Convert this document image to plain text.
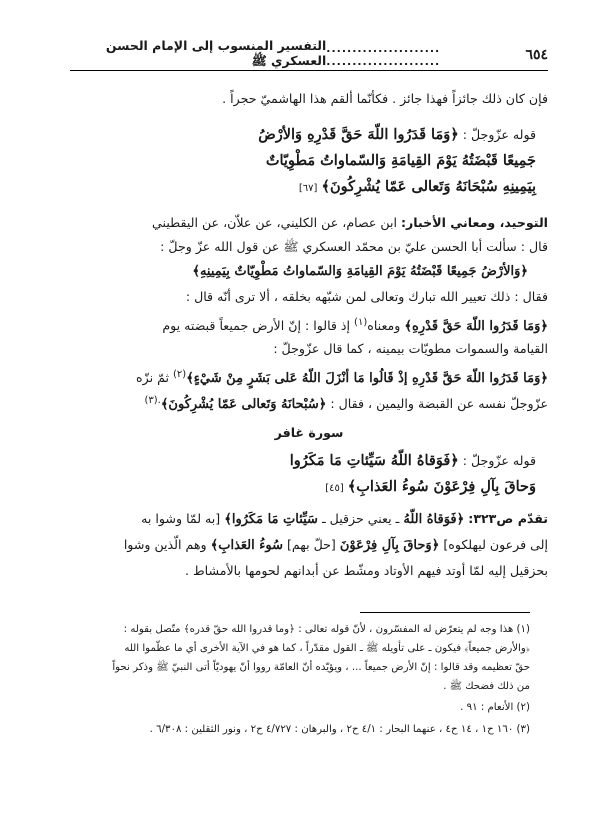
٦٥٤
...................... ......................
التفسير المنسوب إلى الإمام الحسن العسكري ﷺ
فإن كان ذلك جائزاً فهذا جائز . فكأنّما ألقم هذا الهاشميّ حجراً .
قوله عزّوجلّ : ﴿وَمَا قَدَرُوا اللّهَ حَقَّ قَدْرِهِ وَالأرْضُ
جَمِيعًا قَبْضَتُهُ يَوْمَ القِيامَةِ وَالسّماواتُ مَطْوِيّاتٌ
بِيَمِينِهِ سُبْحَانَهُ وَتَعالى عَمّا يُشْرِكُونَ﴾ [٦٧]
التوحيد، ومعاني الأخبار: ابن عصام، عن الكليني، عن علاّن، عن اليقطيني
قال : سألت أبا الحسن عليّ بن محمّد العسكري ﷺ عن قول الله عزّ وجلّ :
﴿وَالأرْضُ جَمِيعًا قَبْضَتُهُ يَوْمَ القِيامَةِ وَالسّماواتُ مَطْوِيّاتٌ بِيَمِينِهِ﴾
فقال : ذلك تعيير الله تبارك وتعالى لمن شبّهه بخلقه ، ألا ترى أنّه قال :
﴿وَمَا قَدَرُوا اللّهَ حَقَّ قَدْرِهِ﴾ ومعناه$^{(١)}$ إذ قالوا : إنّ الأرض جميعاً قبضته يوم
القيامة والسموات مطويّات بيمينه ، كما قال عزّوجلّ :
﴿وَمَا قَدَرُوا اللّهَ حَقَّ قَدْرِهِ إذْ قَالُوا مَا أنْزَلَ اللّهُ عَلى بَشَرٍ مِنْ شَيْءٍ﴾$^{(٢)}$ ثمّ نزّه
عزّوجلّ نفسه عن القبضة واليمين ، فقال : ﴿سُبْحانَهُ وَتَعالى عَمّا يُشْرِكُونَ﴾$^{.(٣)}$
سورة غافر
قوله عزّوجلّ : ﴿فَوَقاهُ اللّهُ سَيِّئاتِ مَا مَكَرُوا
وَحاقَ بِآلِ فِرْعَوْنَ سُوءُ العَذابِ﴾ [٤٥]
تقدّم ص٣٢٣: ﴿فَوَقاهُ اللّهُ ـ يعني حزقيل ـ سَيِّئاتِ مَا مَكَرُوا﴾ [به لمّا وشوا به
إلى فرعون ليهلكوه] ﴿وَحاقَ بِآلِ فِرْعَوْنَ [حلّ بهم] سُوءُ العَذابِ﴾ وهم الّذين وشوا
بحزقيل إليه لمّا أوتد فيهم الأوتاد ومشّط عن أبدانهم لحومها بالأمشاط .
(١) هذا وجه لم يتعرّض له المفسّرون ، لأنّ قوله تعالى : ﴿وما قدروا الله حقّ قدره﴾ متّصل بقوله :
﴿والأرض جميعاً﴾ فيكون ـ على تأويله ﷺ ـ القول مقدّراً ، كما هو في الآية الأخرى أي ما عظّموا الله
حقّ تعظيمه وقد قالوا : إنّ الأرض جميعاً ... ، ويؤيّده أنّ العامّة رووا أنّ يهوديّاً أتى النبيّ ﷺ وذكر نحواً
من ذلك فضحك ﷺ .
(٢) الأنعام : ٩١ .
(٣) ١٦٠ ح١ ، ١٤ ح٤ ، عنهما البحار : ٤/١ ح٢ ، والبرهان : ٤/٧٢٧ ح٢ ، ونور الثقلين : ٦/٣٠٨ .
